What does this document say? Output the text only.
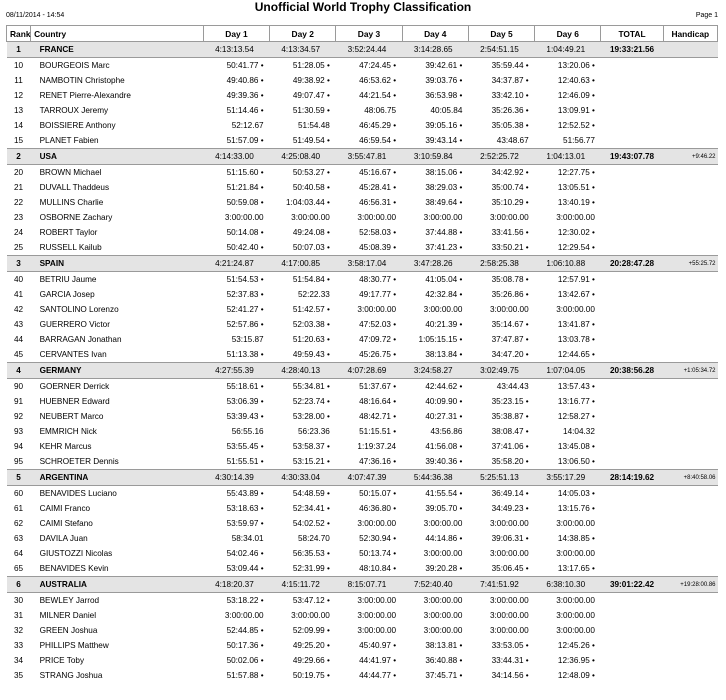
08/11/2014 - 14:54
Unofficial World Trophy Classification
Page 1
Rank	Country	Day 1	Day 2	Day 3	Day 4	Day 5	Day 6	TOTAL	Handicap
1	FRANCE	4:13:13.54	4:13:34.57	3:52:24.44	3:14:28.65	2:54:51.15	1:04:49.21	19:33:21.56	
10	BOURGEOIS Marc	50:41.77 •	51:28.05 •	47:24.45 •	39:42.61 •	35:59.44 •	13:20.06 •		
11	NAMBOTIN Christophe	49:40.86 •	49:38.92 •	46:53.62 •	39:03.76 •	34:37.87 •	12:40.63 •		
12	RENET Pierre-Alexandre	49:39.36 •	49:07.47 •	44:21.54 •	36:53.98 •	33:42.10 •	12:46.09 •		
13	TARROUX Jeremy	51:14.46 •	51:30.59 •	48:06.75	40:05.84	35:26.36 •	13:09.91 •		
14	BOISSIERE Anthony	52:12.67	51:54.48	46:45.29 •	39:05.16 •	35:05.38 •	12:52.52 •		
15	PLANET Fabien	51:57.09 •	51:49.54 •	46:59.54 •	39:43.14 •	43:48.67	51:56.77		
2	USA	4:14:33.00	4:25:08.40	3:55:47.81	3:10:59.84	2:52:25.72	1:04:13.01	19:43:07.78	+9:46.22
20	BROWN Michael	51:15.60 •	50:53.27 •	45:16.67 •	38:15.06 •	34:42.92 •	12:27.75 •		
21	DUVALL Thaddeus	51:21.84 •	50:40.58 •	45:28.41 •	38:29.03 •	35:00.74 •	13:05.51 •		
22	MULLINS Charlie	50:59.08 •	1:04:03.44 •	46:56.31 •	38:49.64 •	35:10.29 •	13:40.19 •		
23	OSBORNE Zachary	3:00:00.00	3:00:00.00	3:00:00.00	3:00:00.00	3:00:00.00	3:00:00.00		
24	ROBERT Taylor	50:14.08 •	49:24.08 •	52:58.03 •	37:44.88 •	33:41.56 •	12:30.02 •		
25	RUSSELL Kailub	50:42.40 •	50:07.03 •	45:08.39 •	37:41.23 •	33:50.21 •	12:29.54 •		
3	SPAIN	4:21:24.87	4:17:00.85	3:58:17.04	3:47:28.26	2:58:25.38	1:06:10.88	20:28:47.28	+55:25.72
40	BETRIU Jaume	51:54.53 •	51:54.84 •	48:30.77 •	41:05.04 •	35:08.78 •	12:57.91 •		
41	GARCIA Josep	52:37.83 •	52:22.33	49:17.77 •	42:32.84 •	35:26.86 •	13:42.67 •		
42	SANTOLINO Lorenzo	52:41.27 •	51:42.57 •	3:00:00.00	3:00:00.00	3:00:00.00	3:00:00.00		
43	GUERRERO Victor	52:57.86 •	52:03.38 •	47:52.03 •	40:21.39 •	35:14.67 •	13:41.87 •		
44	BARRAGAN Jonathan	53:15.87	51:20.63 •	47:09.72 •	1:05:15.15 •	37:47.87 •	13:03.78 •		
45	CERVANTES Ivan	51:13.38 •	49:59.43 •	45:26.75 •	38:13.84 •	34:47.20 •	12:44.65 •		
4	GERMANY	4:27:55.39	4:28:40.13	4:07:28.69	3:24:58.27	3:02:49.75	1:07:04.05	20:38:56.28	+1:05:34.72
90	GOERNER Derrick	55:18.61 •	55:34.81 •	51:37.67 •	42:44.62 •	43:44.43	13:57.43 •		
91	HUEBNER Edward	53:06.39 •	52:23.74 •	48:16.64 •	40:09.90 •	35:23.15 •	13:16.77 •		
92	NEUBERT Marco	53:39.43 •	53:28.00 •	48:42.71 •	40:27.31 •	35:38.87 •	12:58.27 •		
93	EMMRICH Nick	56:55.16	56:23.36	51:15.51 •	43:56.86	38:08.47 •	14:04.32		
94	KEHR Marcus	53:55.45 •	53:58.37 •	1:19:37.24	41:56.08 •	37:41.06 •	13:45.08 •		
95	SCHROETER Dennis	51:55.51 •	53:15.21 •	47:36.16 •	39:40.36 •	35:58.20 •	13:06.50 •		
5	ARGENTINA	4:30:14.39	4:30:33.04	4:07:47.39	5:44:36.38	5:25:51.13	3:55:17.29	28:14:19.62	+8:40:58.06
60	BENAVIDES Luciano	55:43.89 •	54:48.59 •	50:15.07 •	41:55.54 •	36:49.14 •	14:05.03 •		
61	CAIMI Franco	53:18.63 •	52:34.41 •	46:36.80 •	39:05.70 •	34:49.23 •	13:15.76 •		
62	CAIMI Stefano	53:59.97 •	54:02.52 •	3:00:00.00	3:00:00.00	3:00:00.00	3:00:00.00		
63	DAVILA Juan	58:34.01	58:24.70	52:30.94 •	44:14.86 •	39:06.31 •	14:38.85 •		
64	GIUSTOZZI Nicolas	54:02.46 •	56:35.53 •	50:13.74 •	3:00:00.00	3:00:00.00	3:00:00.00		
65	BENAVIDES Kevin	53:09.44 •	52:31.99 •	48:10.84 •	39:20.28 •	35:06.45 •	13:17.65 •		
6	AUSTRALIA	4:18:20.37	4:15:11.72	8:15:07.71	7:52:40.40	7:41:51.92	6:38:10.30	39:01:22.42	+19:28:00.86
30	BEWLEY Jarrod	53:18.22 •	53:47.12 •	3:00:00.00	3:00:00.00	3:00:00.00	3:00:00.00		
31	MILNER Daniel	3:00:00.00	3:00:00.00	3:00:00.00	3:00:00.00	3:00:00.00	3:00:00.00		
32	GREEN Joshua	52:44.85 •	52:09.99 •	3:00:00.00	3:00:00.00	3:00:00.00	3:00:00.00		
33	PHILLIPS Matthew	50:17.36 •	49:25.20 •	45:40.97 •	38:13.81 •	33:53.05 •	12:45.26 •		
34	PRICE Toby	50:02.06 •	49:29.66 •	44:41.97 •	36:40.88 •	33:44.31 •	12:36.95 •		
35	STRANG Joshua	51:57.88 •	50:19.75 •	44:44.77 •	37:45.71 •	34:14.56 •	12:48.09 •		
